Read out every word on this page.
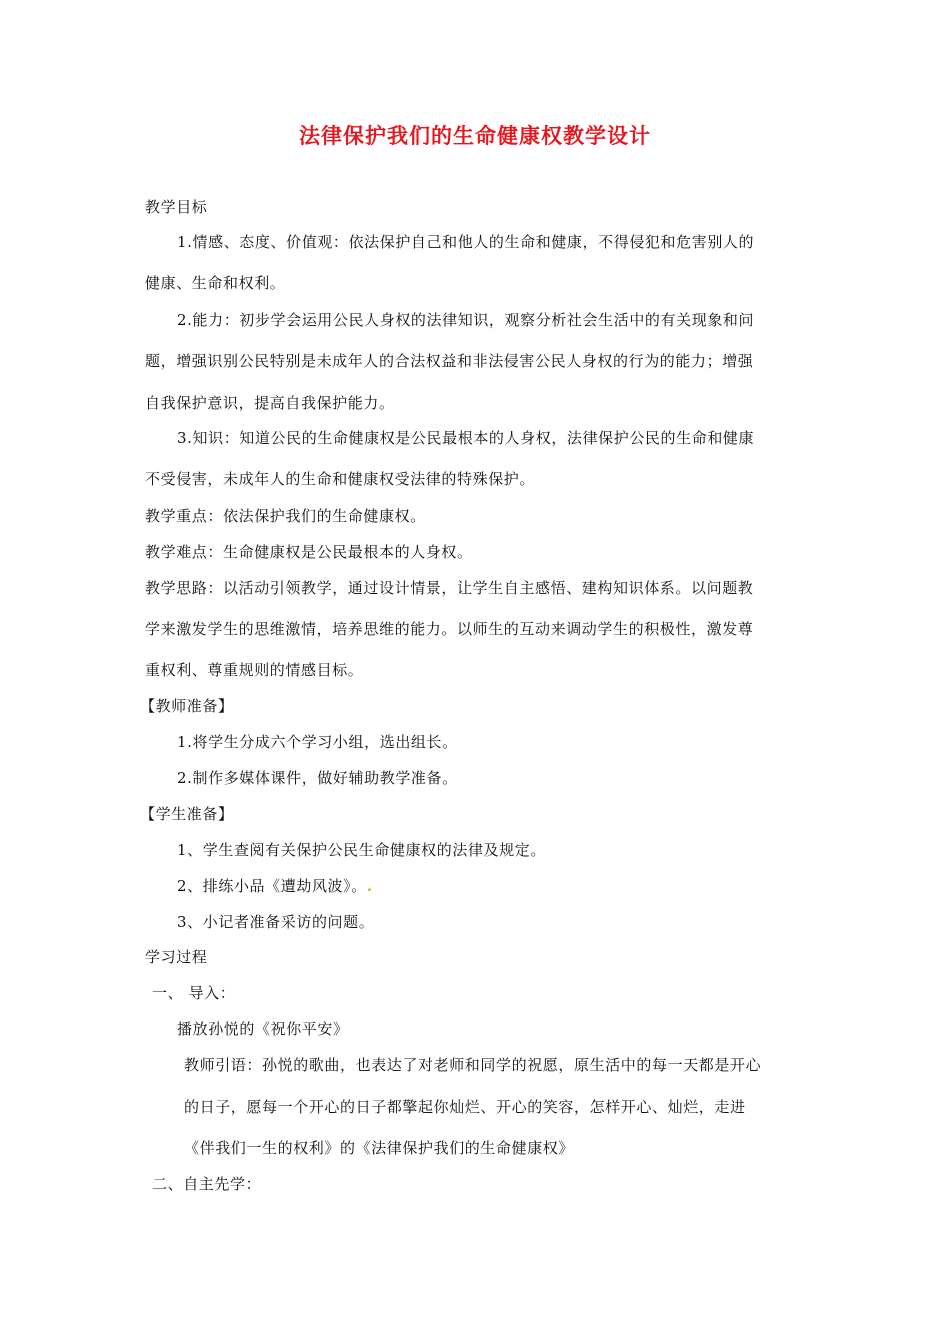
法律保护我们的生命健康权教学设计
教学目标
1.情感、态度、价值观：依法保护自己和他人的生命和健康，不得侵犯和危害别人的
健康、生命和权利。
2.能力：初步学会运用公民人身权的法律知识，观察分析社会生活中的有关现象和问
题，增强识别公民特别是未成年人的合法权益和非法侵害公民人身权的行为的能力；增强
自我保护意识，提高自我保护能力。
3.知识：知道公民的生命健康权是公民最根本的人身权，法律保护公民的生命和健康
不受侵害，未成年人的生命和健康权受法律的特殊保护。
教学重点：依法保护我们的生命健康权。
教学难点：生命健康权是公民最根本的人身权。
教学思路：以活动引领教学，通过设计情景，让学生自主感悟、建构知识体系。以问题教
学来激发学生的思维激情，培养思维的能力。以师生的互动来调动学生的积极性，激发尊
重权利、尊重规则的情感目标。
【教师准备】
1.将学生分成六个学习小组，选出组长。
2.制作多媒体课件，做好辅助教学准备。
【学生准备】
1、学生查阅有关保护公民生命健康权的法律及规定。
2、排练小品《遭劫风波》。.
3、小记者准备采访的问题。
学习过程
一、 导入：
播放孙悦的《祝你平安》
教师引语：孙悦的歌曲，也表达了对老师和同学的祝愿，原生活中的每一天都是开心
的日子，愿每一个开心的日子都擎起你灿烂、开心的笑容，怎样开心、灿烂，走进
《伴我们一生的权利》的《法律保护我们的生命健康权》
二、自主先学：
